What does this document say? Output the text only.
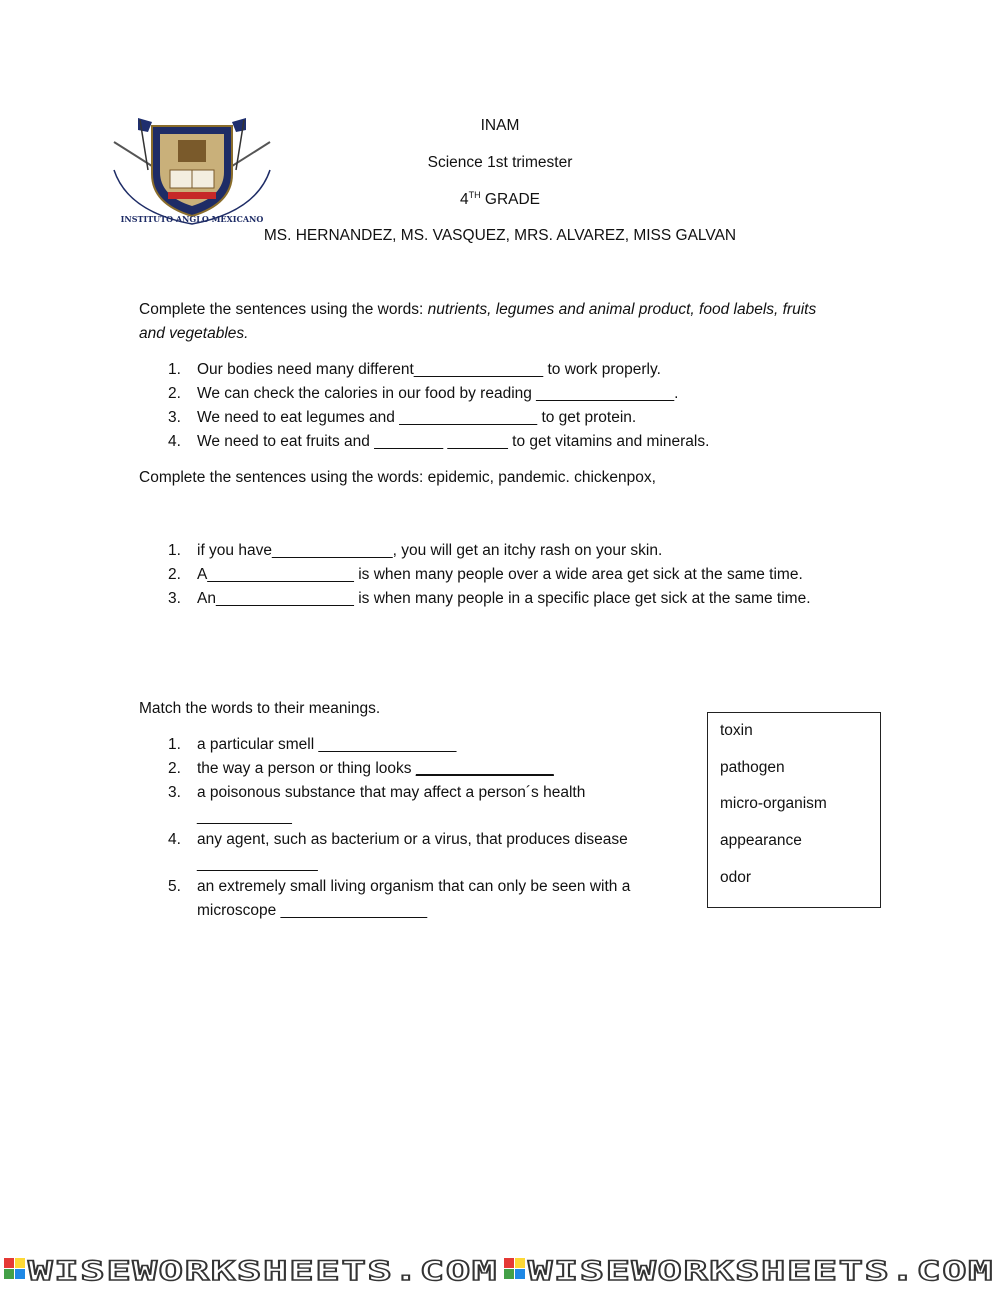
INSTITUTO ANGLO MEXICANO
INAM
Science 1st trimester
4TH GRADE
MS. HERNANDEZ, MS. VASQUEZ, MRS. ALVAREZ, MISS GALVAN
Complete the sentences using the words: nutrients, legumes and animal product, food labels, fruits and vegetables.
1. Our bodies need many different_______________ to work properly.
2. We can check the calories in our food by reading ________________.
3. We need to eat legumes and ________________ to get protein.
4. We need to eat fruits and ________ _______ to get vitamins and minerals.
Complete the sentences using the words: epidemic, pandemic. chickenpox,
1. if you have______________, you will get an itchy rash on your skin.
2. A_________________ is when many people over a wide area get sick at the same time.
3. An________________ is when many people in a specific place get sick at the same time.
Match the words to their meanings.
1. a particular smell ________________
2. the way a person or thing looks ________________
3. a poisonous substance that may affect a person´s health
___________
4. any agent, such as bacterium or a virus, that produces disease
______________
5. an extremely small living organism that can only be seen with a
microscope _________________
toxin
pathogen
micro-organism
appearance
odor
WISEWORKSHEETS.COM WISEWORKSHEETS.COM
